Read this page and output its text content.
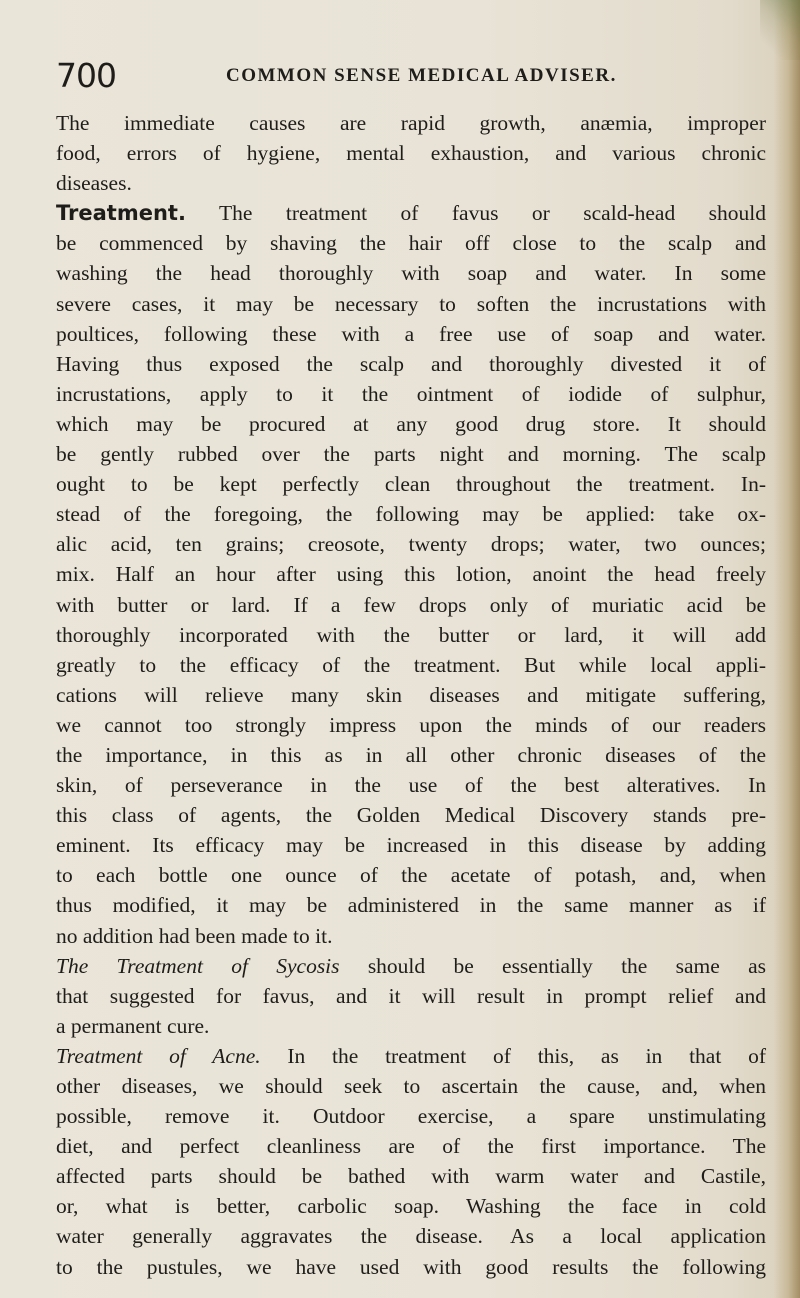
700	COMMON SENSE MEDICAL ADVISER.
The immediate causes are rapid growth, anæmia, improper
food, errors of hygiene, mental exhaustion, and various chronic
diseases.
Treatment. The treatment of favus or scald-head should
be commenced by shaving the hair off close to the scalp and
washing the head thoroughly with soap and water. In some
severe cases, it may be necessary to soften the incrustations with
poultices, following these with a free use of soap and water.
Having thus exposed the scalp and thoroughly divested it of
incrustations, apply to it the ointment of iodide of sulphur,
which may be procured at any good drug store. It should
be gently rubbed over the parts night and morning. The scalp
ought to be kept perfectly clean throughout the treatment. In-
stead of the foregoing, the following may be applied: take ox-
alic acid, ten grains; creosote, twenty drops; water, two ounces;
mix. Half an hour after using this lotion, anoint the head freely
with butter or lard. If a few drops only of muriatic acid be
thoroughly incorporated with the butter or lard, it will add
greatly to the efficacy of the treatment. But while local appli-
cations will relieve many skin diseases and mitigate suffering,
we cannot too strongly impress upon the minds of our readers
the importance, in this as in all other chronic diseases of the
skin, of perseverance in the use of the best alteratives. In
this class of agents, the Golden Medical Discovery stands pre-
eminent. Its efficacy may be increased in this disease by adding
to each bottle one ounce of the acetate of potash, and, when
thus modified, it may be administered in the same manner as if
no addition had been made to it.
The Treatment of Sycosis should be essentially the same as
that suggested for favus, and it will result in prompt relief and
a permanent cure.
Treatment of Acne. In the treatment of this, as in that of
other diseases, we should seek to ascertain the cause, and, when
possible, remove it. Outdoor exercise, a spare unstimulating
diet, and perfect cleanliness are of the first importance. The
affected parts should be bathed with warm water and Castile,
or, what is better, carbolic soap. Washing the face in cold
water generally aggravates the disease. As a local application
to the pustules, we have used with good results the following
